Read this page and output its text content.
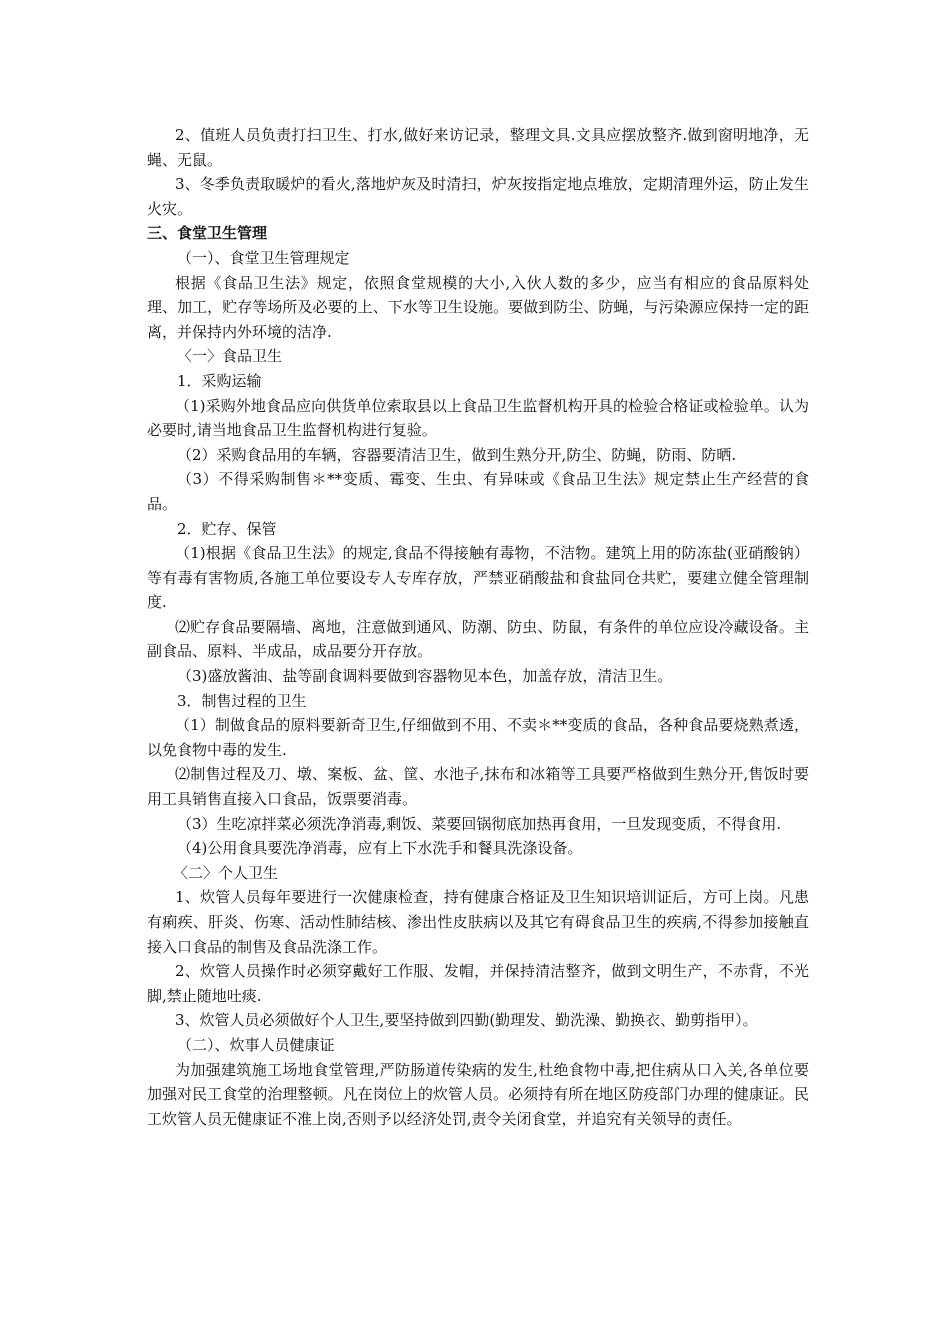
2、值班人员负责打扫卫生、打水,做好来访记录，整理文具.文具应摆放整齐.做到窗明地净，无蝇、无鼠。

3、冬季负责取暖炉的看火,落地炉灰及时清扫，炉灰按指定地点堆放，定期清理外运，防止发生火灾。

三、食堂卫生管理

（一）、食堂卫生管理规定

根据《食品卫生法》规定，依照食堂规模的大小,入伙人数的多少，应当有相应的食品原料处理、加工，贮存等场所及必要的上、下水等卫生设施。要做到防尘、防蝇，与污染源应保持一定的距离，并保持内外环境的洁净.

〈一〉食品卫生

1．采购运输

（1)采购外地食品应向供货单位索取县以上食品卫生监督机构开具的检验合格证或检验单。认为必要时,请当地食品卫生监督机构进行复验。

（2）采购食品用的车辆，容器要清洁卫生，做到生熟分开,防尘、防蝇，防雨、防晒.

（3）不得采购制售＊**变质、霉变、生虫、有异味或《食品卫生法》规定禁止生产经营的食品。

2．贮存、保管

（1)根据《食品卫生法》的规定,食品不得接触有毒物，不洁物。建筑上用的防冻盐(亚硝酸钠）等有毒有害物质,各施工单位要设专人专库存放，严禁亚硝酸盐和食盐同仓共贮，要建立健全管理制度.

⑵贮存食品要隔墙、离地，注意做到通风、防潮、防虫、防鼠，有条件的单位应设冷藏设备。主副食品、原料、半成品，成品要分开存放。

（3)盛放酱油、盐等副食调料要做到容器物见本色，加盖存放，清洁卫生。

3．制售过程的卫生

（1）制做食品的原料要新奇卫生,仔细做到不用、不卖＊**变质的食品，各种食品要烧熟煮透，以免食物中毒的发生.

⑵制售过程及刀、墩、案板、盆、筐、水池子,抹布和冰箱等工具要严格做到生熟分开,售饭时要用工具销售直接入口食品，饭票要消毒。

（3）生吃凉拌菜必须洗净消毒,剩饭、菜要回锅彻底加热再食用，一旦发现变质，不得食用.

（4)公用食具要洗净消毒，应有上下水洗手和餐具洗涤设备。

〈二〉个人卫生

1、炊管人员每年要进行一次健康检查，持有健康合格证及卫生知识培训证后，方可上岗。凡患有痢疾、肝炎、伤寒、活动性肺结核、渗出性皮肤病以及其它有碍食品卫生的疾病,不得参加接触直接入口食品的制售及食品洗涤工作。

2、炊管人员操作时必须穿戴好工作服、发帽，并保持清洁整齐，做到文明生产，不赤背，不光脚,禁止随地吐痰.

3、炊管人员必须做好个人卫生,要坚持做到四勤(勤理发、勤洗澡、勤换衣、勤剪指甲）。

（二）、炊事人员健康证

为加强建筑施工场地食堂管理,严防肠道传染病的发生,杜绝食物中毒,把住病从口入关,各单位要加强对民工食堂的治理整顿。凡在岗位上的炊管人员。必须持有所在地区防疫部门办理的健康证。民工炊管人员无健康证不准上岗,否则予以经济处罚,责令关闭食堂，并追究有关领导的责任。
